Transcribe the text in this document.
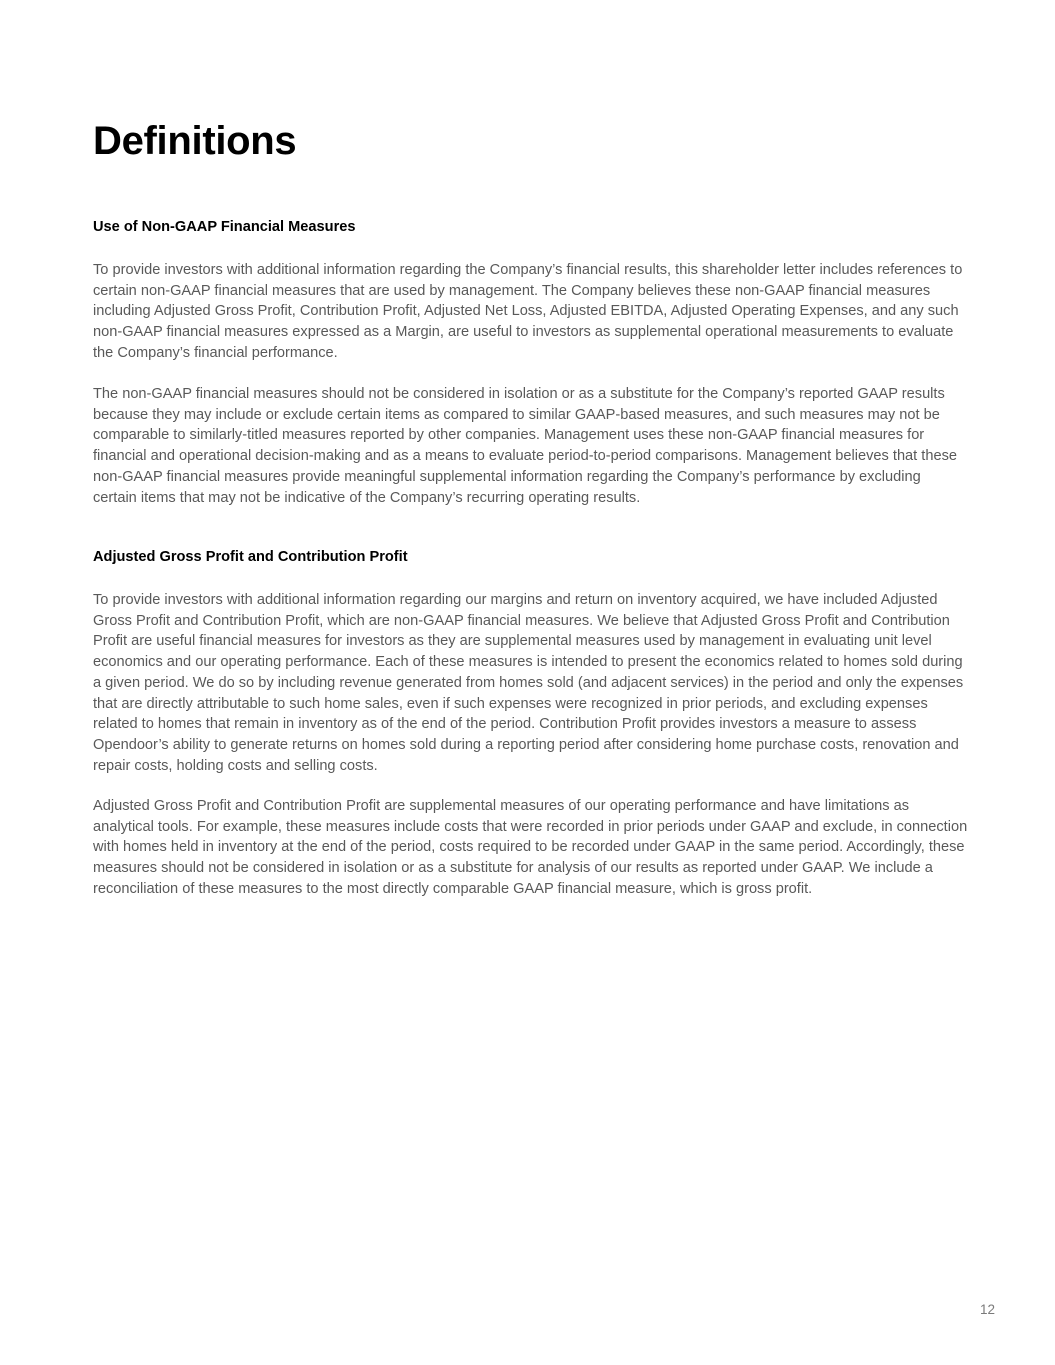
Definitions
Use of Non-GAAP Financial Measures

To provide investors with additional information regarding the Company’s financial results, this shareholder letter includes references to certain non-GAAP financial measures that are used by management. The Company believes these non-GAAP financial measures including Adjusted Gross Profit, Contribution Profit, Adjusted Net Loss, Adjusted EBITDA, Adjusted Operating Expenses, and any such non-GAAP financial measures expressed as a Margin, are useful to investors as supplemental operational measurements to evaluate the Company’s financial performance.

The non-GAAP financial measures should not be considered in isolation or as a substitute for the Company’s reported GAAP results because they may include or exclude certain items as compared to similar GAAP-based measures, and such measures may not be comparable to similarly-titled measures reported by other companies. Management uses these non-GAAP financial measures for financial and operational decision-making and as a means to evaluate period-to-period comparisons. Management believes that these non-GAAP financial measures provide meaningful supplemental information regarding the Company’s performance by excluding certain items that may not be indicative of the Company’s recurring operating results.

Adjusted Gross Profit and Contribution Profit

To provide investors with additional information regarding our margins and return on inventory acquired, we have included Adjusted Gross Profit and Contribution Profit, which are non-GAAP financial measures. We believe that Adjusted Gross Profit and Contribution Profit are useful financial measures for investors as they are supplemental measures used by management in evaluating unit level economics and our operating performance. Each of these measures is intended to present the economics related to homes sold during a given period. We do so by including revenue generated from homes sold (and adjacent services) in the period and only the expenses that are directly attributable to such home sales, even if such expenses were recognized in prior periods, and excluding expenses related to homes that remain in inventory as of the end of the period. Contribution Profit provides investors a measure to assess Opendoor’s ability to generate returns on homes sold during a reporting period after considering home purchase costs, renovation and repair costs, holding costs and selling costs.

Adjusted Gross Profit and Contribution Profit are supplemental measures of our operating performance and have limitations as analytical tools. For example, these measures include costs that were recorded in prior periods under GAAP and exclude, in connection with homes held in inventory at the end of the period, costs required to be recorded under GAAP in the same period. Accordingly, these measures should not be considered in isolation or as a substitute for analysis of our results as reported under GAAP. We include a reconciliation of these measures to the most directly comparable GAAP financial measure, which is gross profit.

12
